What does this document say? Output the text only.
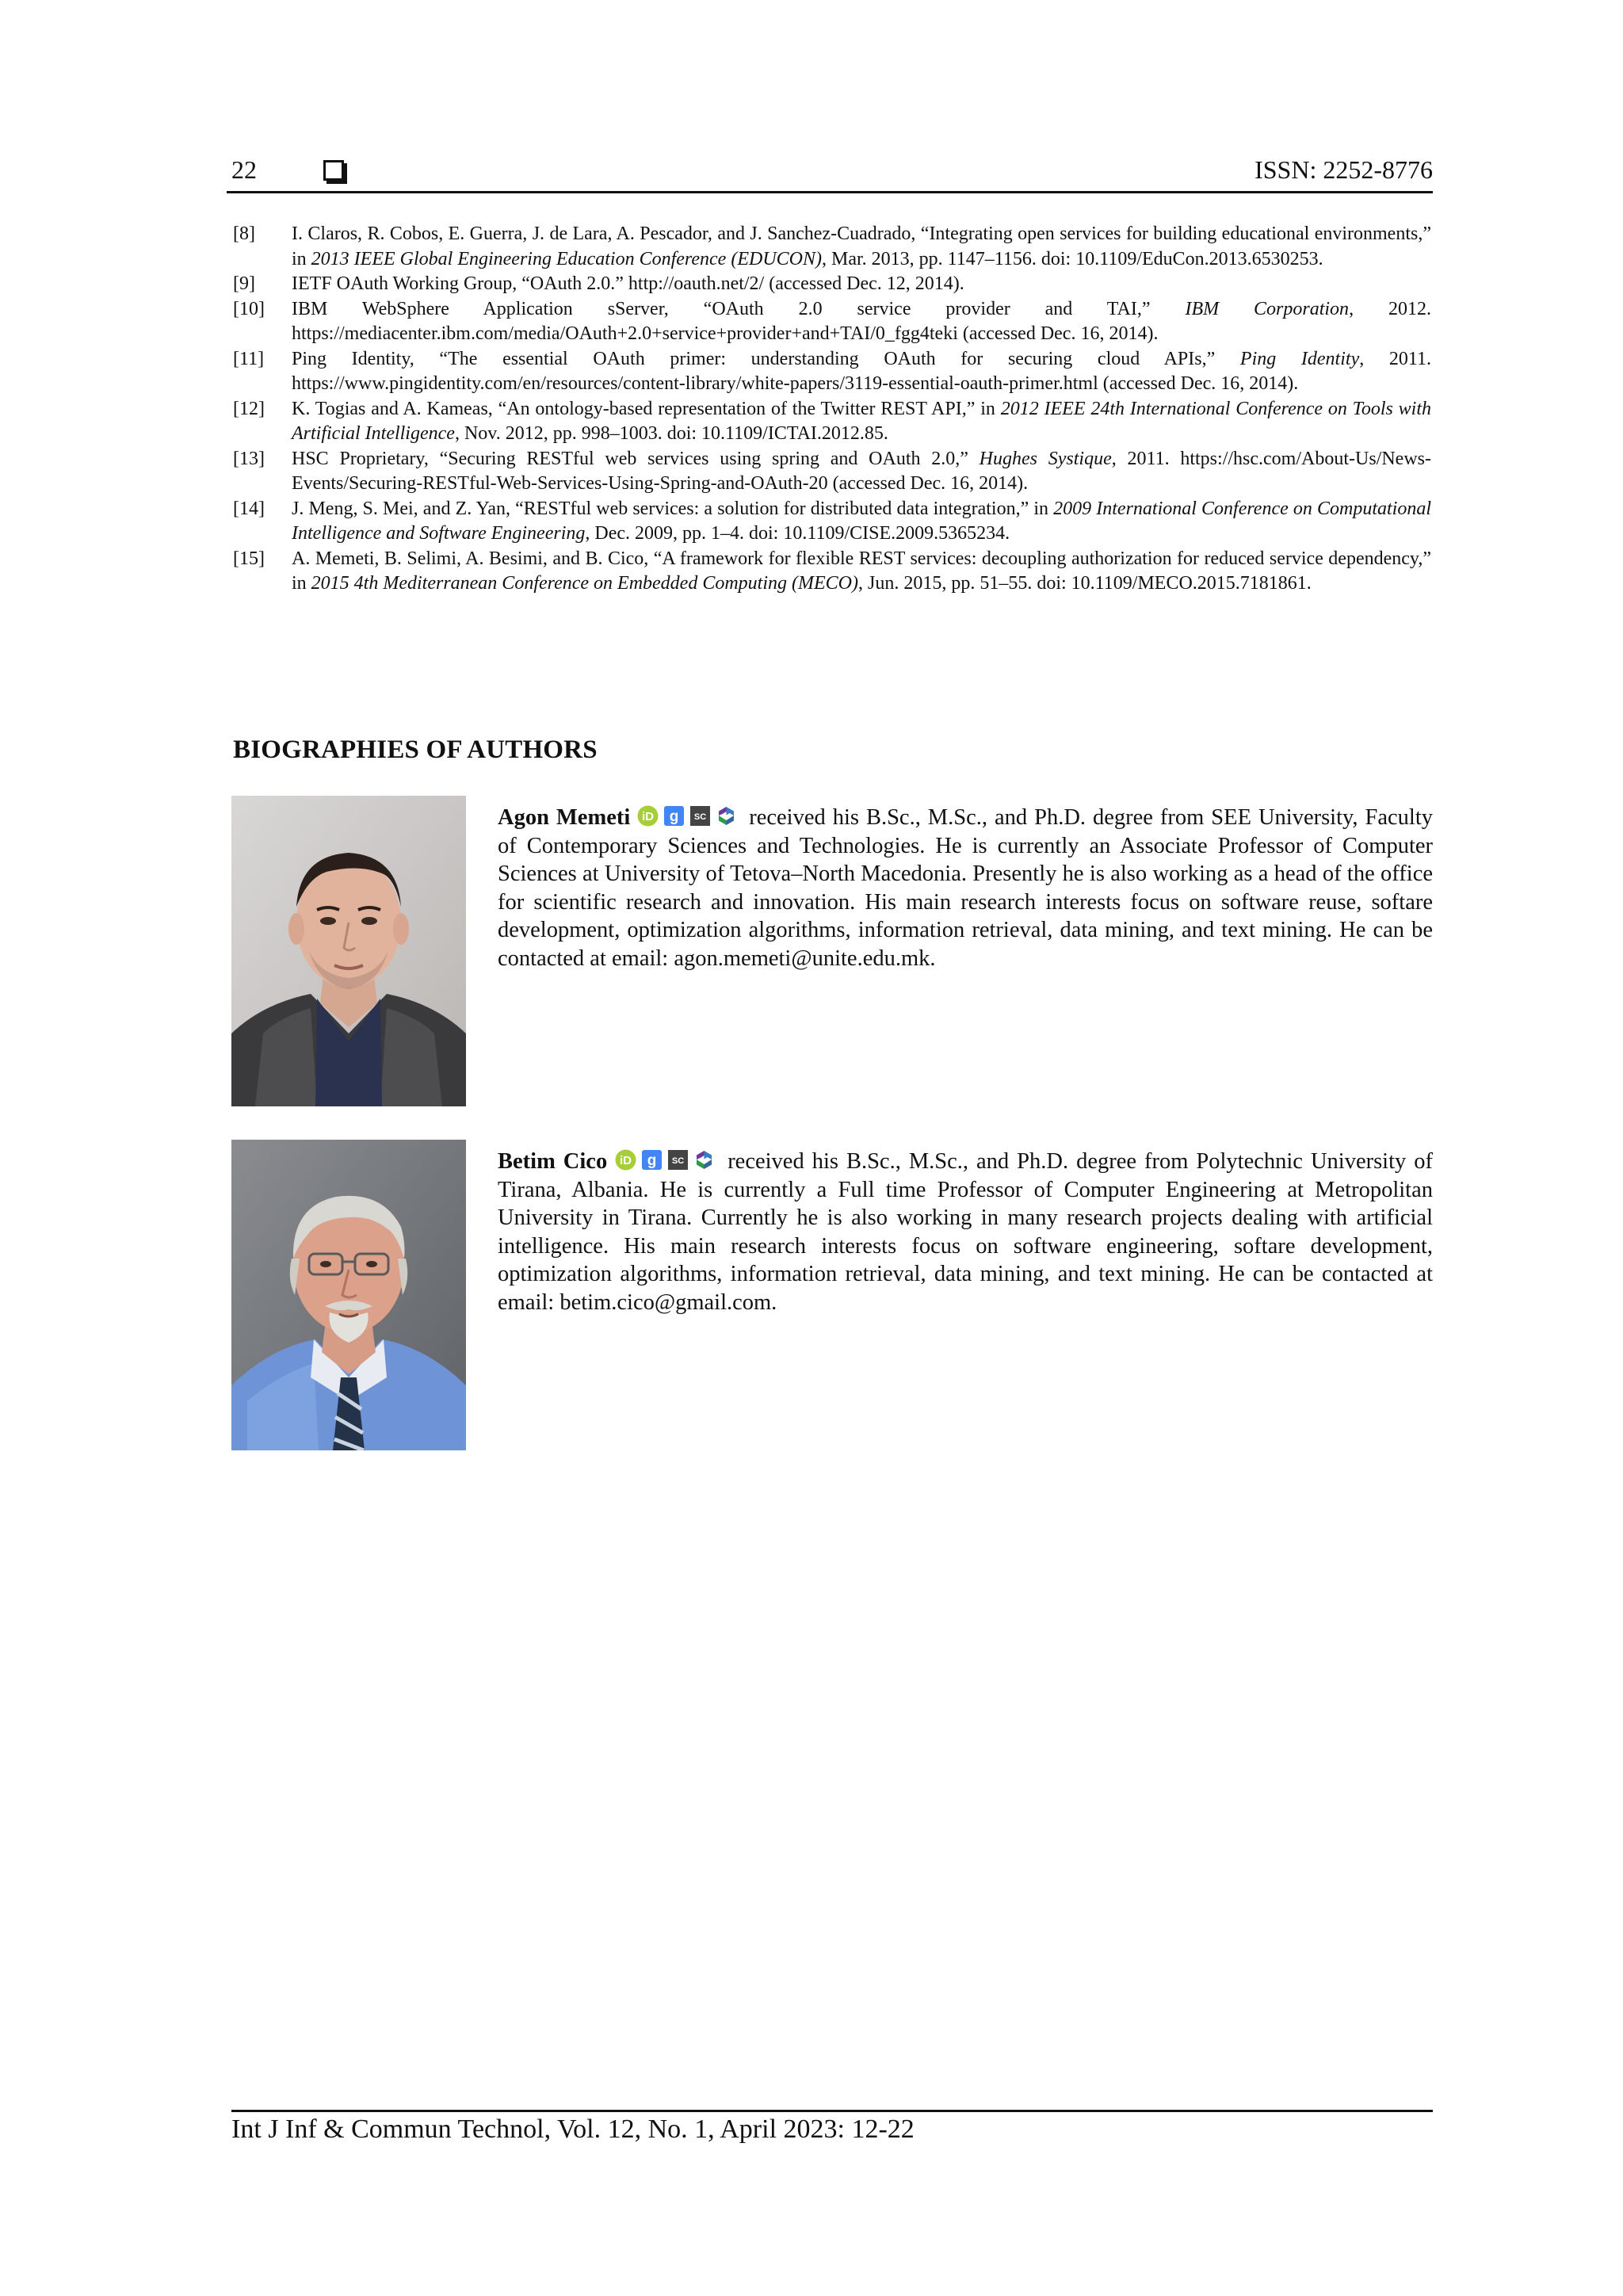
22	ISSN: 2252-8776

[8] I. Claros, R. Cobos, E. Guerra, J. de Lara, A. Pescador, and J. Sanchez-Cuadrado, “Integrating open services for building educational environments,” in 2013 IEEE Global Engineering Education Conference (EDUCON), Mar. 2013, pp. 1147–1156. doi: 10.1109/EduCon.2013.6530253.

[9] IETF OAuth Working Group, “OAuth 2.0.” http://oauth.net/2/ (accessed Dec. 12, 2014).

[10] IBM WebSphere Application sServer, “OAuth 2.0 service provider and TAI,” IBM Corporation, 2012. https://mediacenter.ibm.com/media/OAuth+2.0+service+provider+and+TAI/0_fgg4teki (accessed Dec. 16, 2014).

[11] Ping Identity, “The essential OAuth primer: understanding OAuth for securing cloud APIs,” Ping Identity, 2011. https://www.pingidentity.com/en/resources/content-library/white-papers/3119-essential-oauth-primer.html (accessed Dec. 16, 2014).

[12] K. Togias and A. Kameas, “An ontology-based representation of the Twitter REST API,” in 2012 IEEE 24th International Conference on Tools with Artificial Intelligence, Nov. 2012, pp. 998–1003. doi: 10.1109/ICTAI.2012.85.

[13] HSC Proprietary, “Securing RESTful web services using spring and OAuth 2.0,” Hughes Systique, 2011. https://hsc.com/About-Us/News-Events/Securing-RESTful-Web-Services-Using-Spring-and-OAuth-20 (accessed Dec. 16, 2014).

[14] J. Meng, S. Mei, and Z. Yan, “RESTful web services: a solution for distributed data integration,” in 2009 International Conference on Computational Intelligence and Software Engineering, Dec. 2009, pp. 1–4. doi: 10.1109/CISE.2009.5365234.

[15] A. Memeti, B. Selimi, A. Besimi, and B. Cico, “A framework for flexible REST services: decoupling authorization for reduced service dependency,” in 2015 4th Mediterranean Conference on Embedded Computing (MECO), Jun. 2015, pp. 51–55. doi: 10.1109/MECO.2015.7181861.

BIOGRAPHIES OF AUTHORS
Agon Memeti iD g SC received his B.Sc., M.Sc., and Ph.D. degree from SEE University, Faculty of Contemporary Sciences and Technologies. He is currently an Associate Professor of Computer Sciences at University of Tetova–North Macedonia. Presently he is also working as a head of the office for scientific research and innovation. His main research interests focus on software reuse, softare development, optimization algorithms, information retrieval, data mining, and text mining. He can be contacted at email: agon.memeti@unite.edu.mk.
Betim Cico iD g SC received his B.Sc., M.Sc., and Ph.D. degree from Polytechnic University of Tirana, Albania. He is currently a Full time Professor of Computer Engineering at Metropolitan University in Tirana. Currently he is also working in many research projects dealing with artificial intelligence. His main research interests focus on software engineering, softare development, optimization algorithms, information retrieval, data mining, and text mining. He can be contacted at email: betim.cico@gmail.com.
Int J Inf & Commun Technol, Vol. 12, No. 1, April 2023: 12-22
